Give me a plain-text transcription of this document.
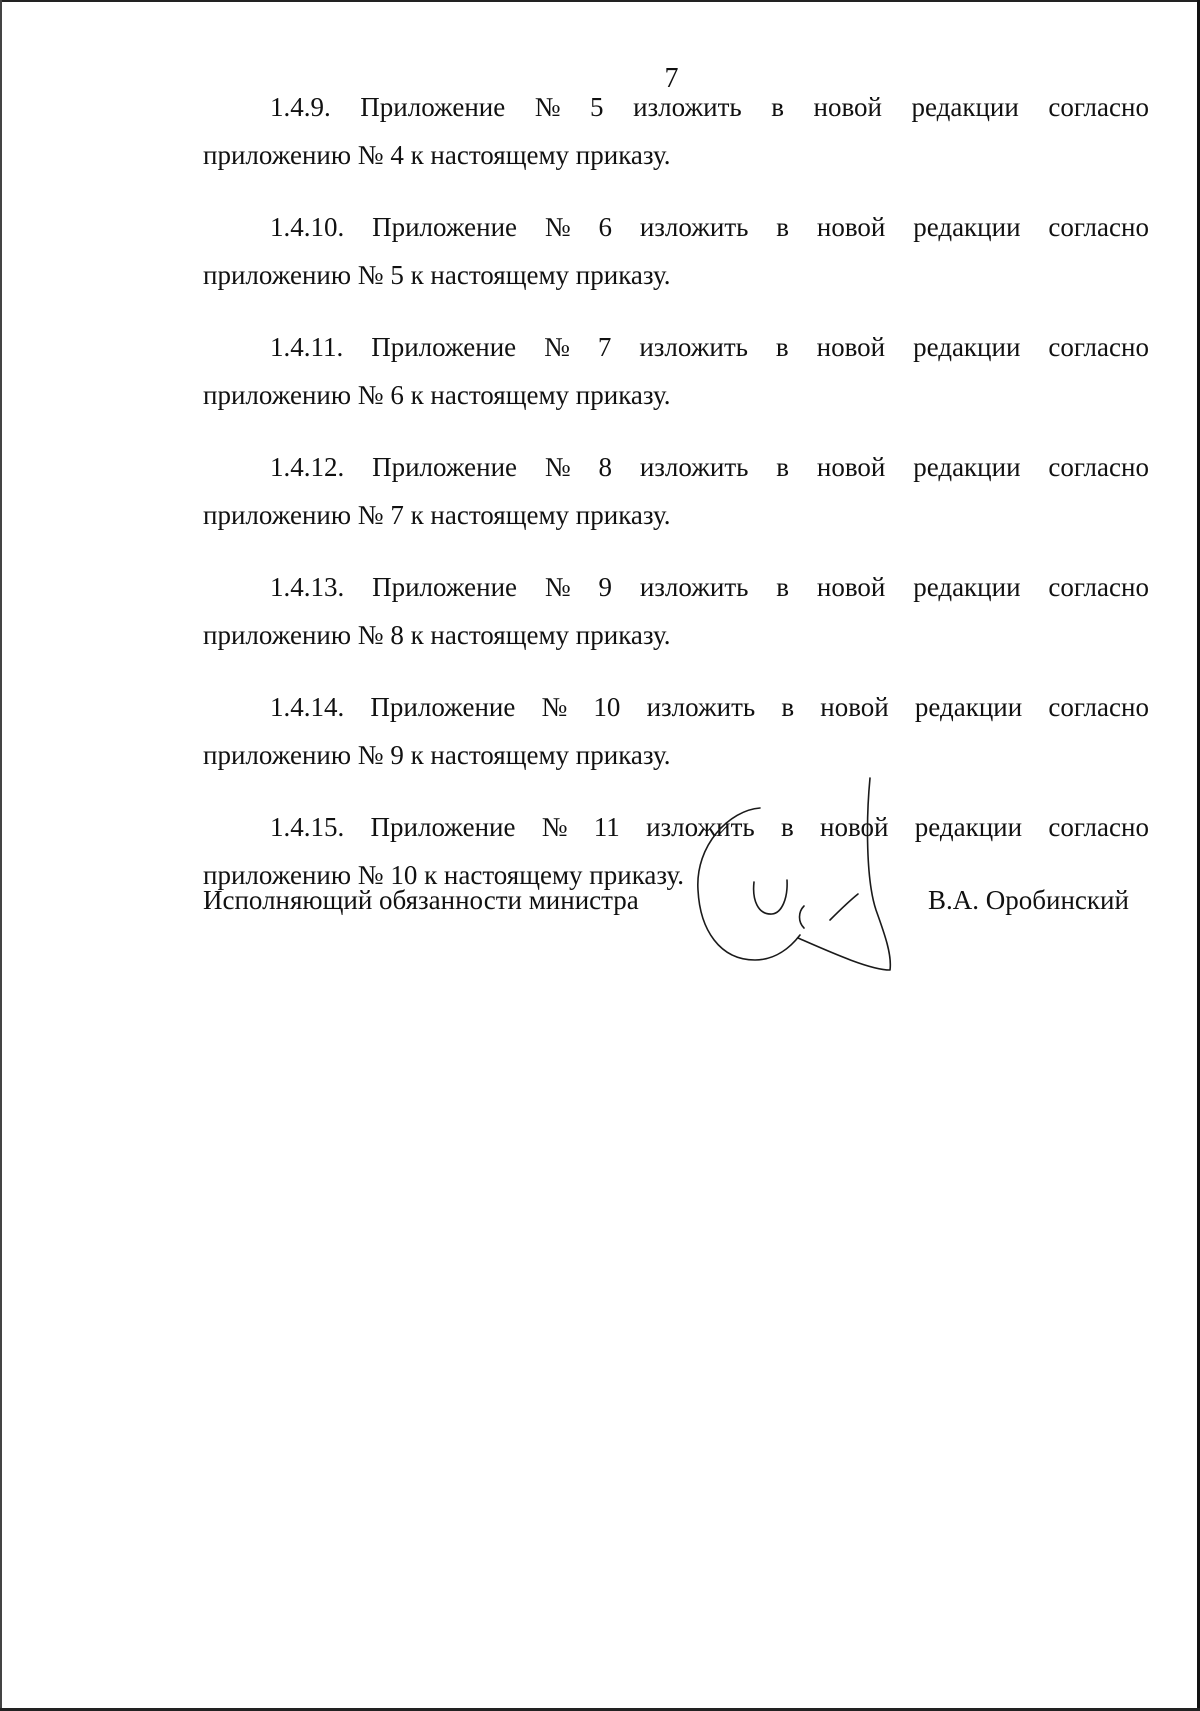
7
1.4.9. Приложение № 5 изложить в новой редакции согласно
приложению № 4 к настоящему приказу.
1.4.10. Приложение № 6 изложить в новой редакции согласно
приложению № 5 к настоящему приказу.
1.4.11. Приложение № 7 изложить в новой редакции согласно
приложению № 6 к настоящему приказу.
1.4.12. Приложение № 8 изложить в новой редакции согласно
приложению № 7 к настоящему приказу.
1.4.13. Приложение № 9 изложить в новой редакции согласно
приложению № 8 к настоящему приказу.
1.4.14. Приложение № 10 изложить в новой редакции согласно
приложению № 9 к настоящему приказу.
1.4.15. Приложение № 11 изложить в новой редакции согласно
приложению № 10 к настоящему приказу.
Исполняющий обязанности министра	В.А. Оробинский
